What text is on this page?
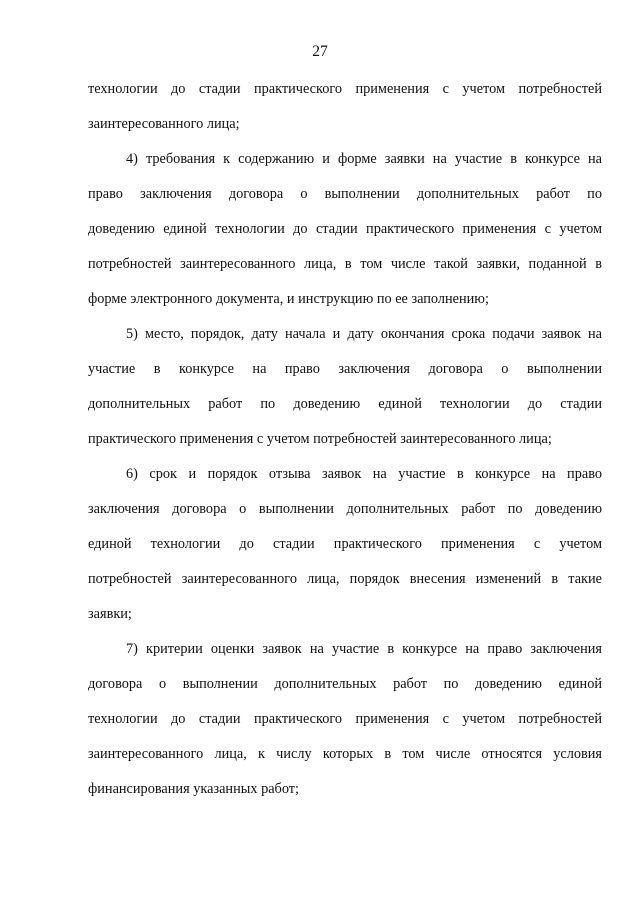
27
технологии до стадии практического применения с учетом потребностей
заинтересованного лица;
4) требования к содержанию и форме заявки на участие в конкурсе на
право заключения договора о выполнении дополнительных работ по
доведению единой технологии до стадии практического применения с учетом
потребностей заинтересованного лица, в том числе такой заявки, поданной в
форме электронного документа, и инструкцию по ее заполнению;
5) место, порядок, дату начала и дату окончания срока подачи заявок на
участие в конкурсе на право заключения договора о выполнении
дополнительных работ по доведению единой технологии до стадии
практического применения с учетом потребностей заинтересованного лица;
6) срок и порядок отзыва заявок на участие в конкурсе на право
заключения договора о выполнении дополнительных работ по доведению
единой технологии до стадии практического применения с учетом
потребностей заинтересованного лица, порядок внесения изменений в такие
заявки;
7) критерии оценки заявок на участие в конкурсе на право заключения
договора о выполнении дополнительных работ по доведению единой
технологии до стадии практического применения с учетом потребностей
заинтересованного лица, к числу которых в том числе относятся условия
финансирования указанных работ;
